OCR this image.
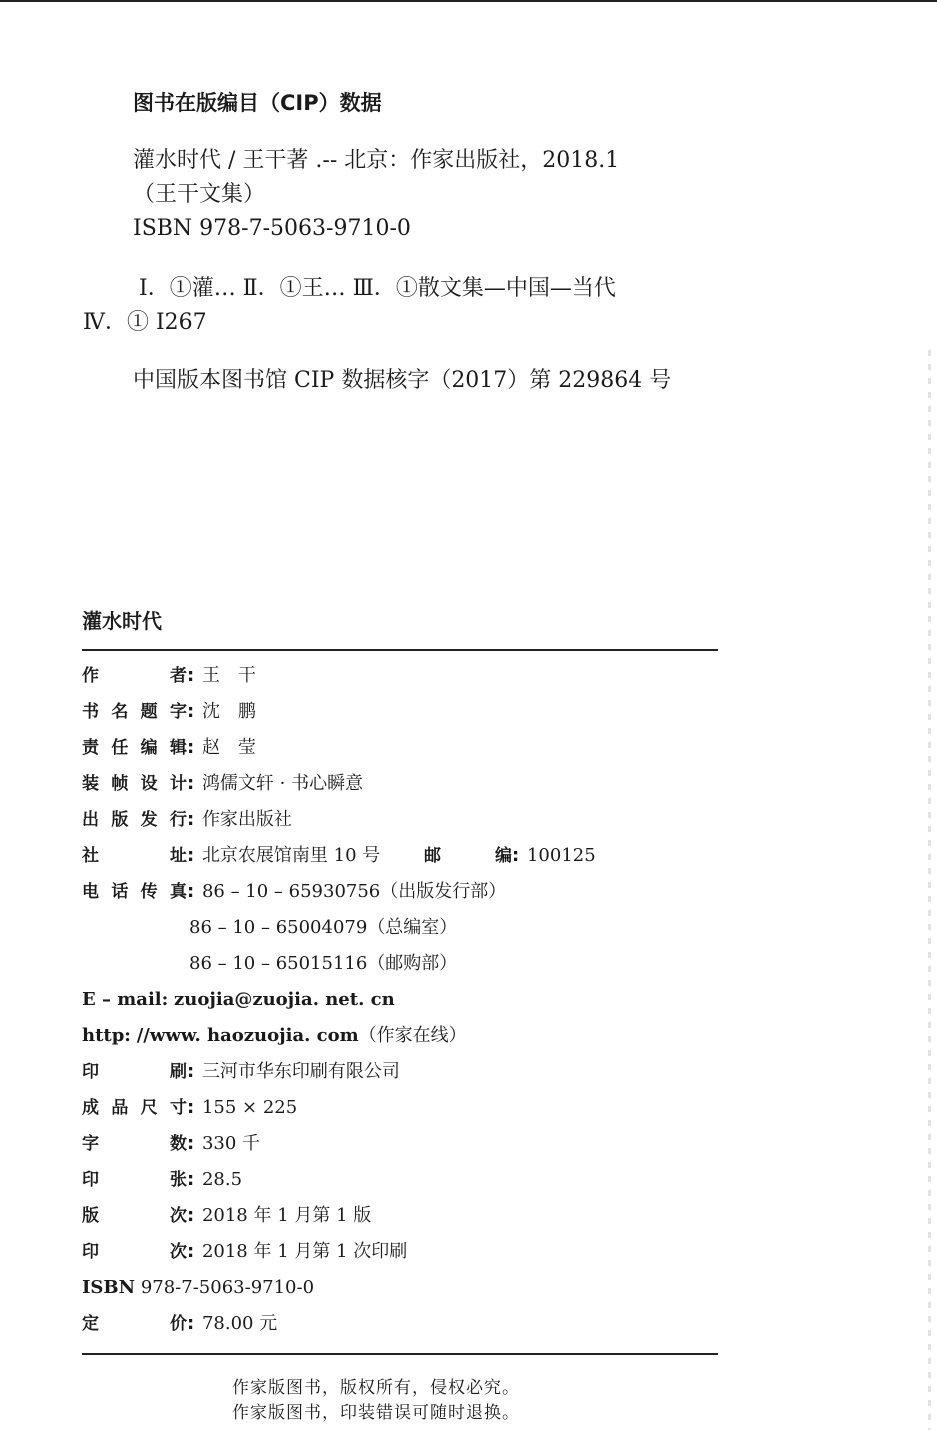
图书在版编目（CIP）数据
灌水时代 / 王干著 .-- 北京：作家出版社，2018.1
（王干文集）
ISBN 978-7-5063-9710-0
Ⅰ．①灌… Ⅱ．①王… Ⅲ．①散文集—中国—当代
Ⅳ．① I267
中国版本图书馆 CIP 数据核字（2017）第 229864 号
灌水时代
作者: 王　干
书名题字: 沈　鹏
责任编辑: 赵　莹
装帧设计: 鸿儒文轩 · 书心瞬意
出版发行: 作家出版社
社址: 北京农展馆南里 10 号	邮编: 100125
电话传真: 86 – 10 – 65930756（出版发行部）
86 – 10 – 65004079（总编室）
86 – 10 – 65015116（邮购部）
E – mail: zuojia@zuojia. net. cn
http: //www. haozuojia. com（作家在线）
印刷: 三河市华东印刷有限公司
成品尺寸: 155 × 225
字数: 330 千
印张: 28.5
版次: 2018 年 1 月第 1 版
印次: 2018 年 1 月第 1 次印刷
ISBN 978-7-5063-9710-0
定价: 78.00 元
作家版图书，版权所有，侵权必究。
作家版图书，印装错误可随时退换。
